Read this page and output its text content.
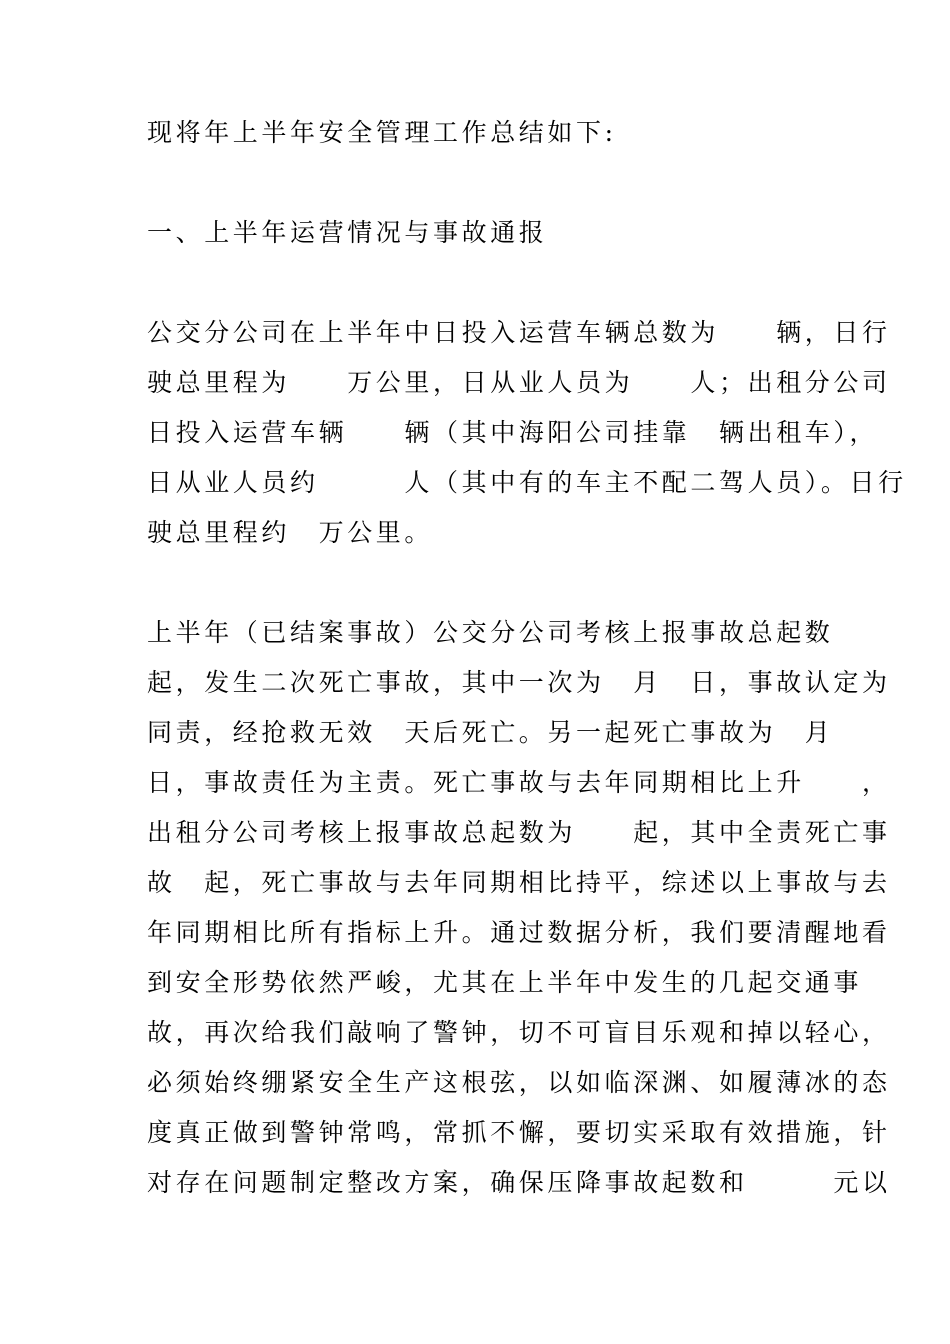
现将年上半年安全管理工作总结如下:
一、上半年运营情况与事故通报
公交分公司在上半年中日投入运营车辆总数为　　辆，日行
驶总里程为　　万公里，日从业人员为　　人；出租分公司
日投入运营车辆　　辆（其中海阳公司挂靠　辆出租车），
日从业人员约　　　人（其中有的车主不配二驾人员）。日行
驶总里程约　万公里。
上半年（已结案事故）公交分公司考核上报事故总起数
起，发生二次死亡事故，其中一次为　月　日，事故认定为
同责，经抢救无效　天后死亡。另一起死亡事故为　月
日，事故责任为主责。死亡事故与去年同期相比上升　　，
出租分公司考核上报事故总起数为　　起，其中全责死亡事
故　起，死亡事故与去年同期相比持平，综述以上事故与去
年同期相比所有指标上升。通过数据分析，我们要清醒地看
到安全形势依然严峻，尤其在上半年中发生的几起交通事
故，再次给我们敲响了警钟，切不可盲目乐观和掉以轻心，
必须始终绷紧安全生产这根弦，以如临深渊、如履薄冰的态
度真正做到警钟常鸣，常抓不懈，要切实采取有效措施，针
对存在问题制定整改方案，确保压降事故起数和　　　元以
